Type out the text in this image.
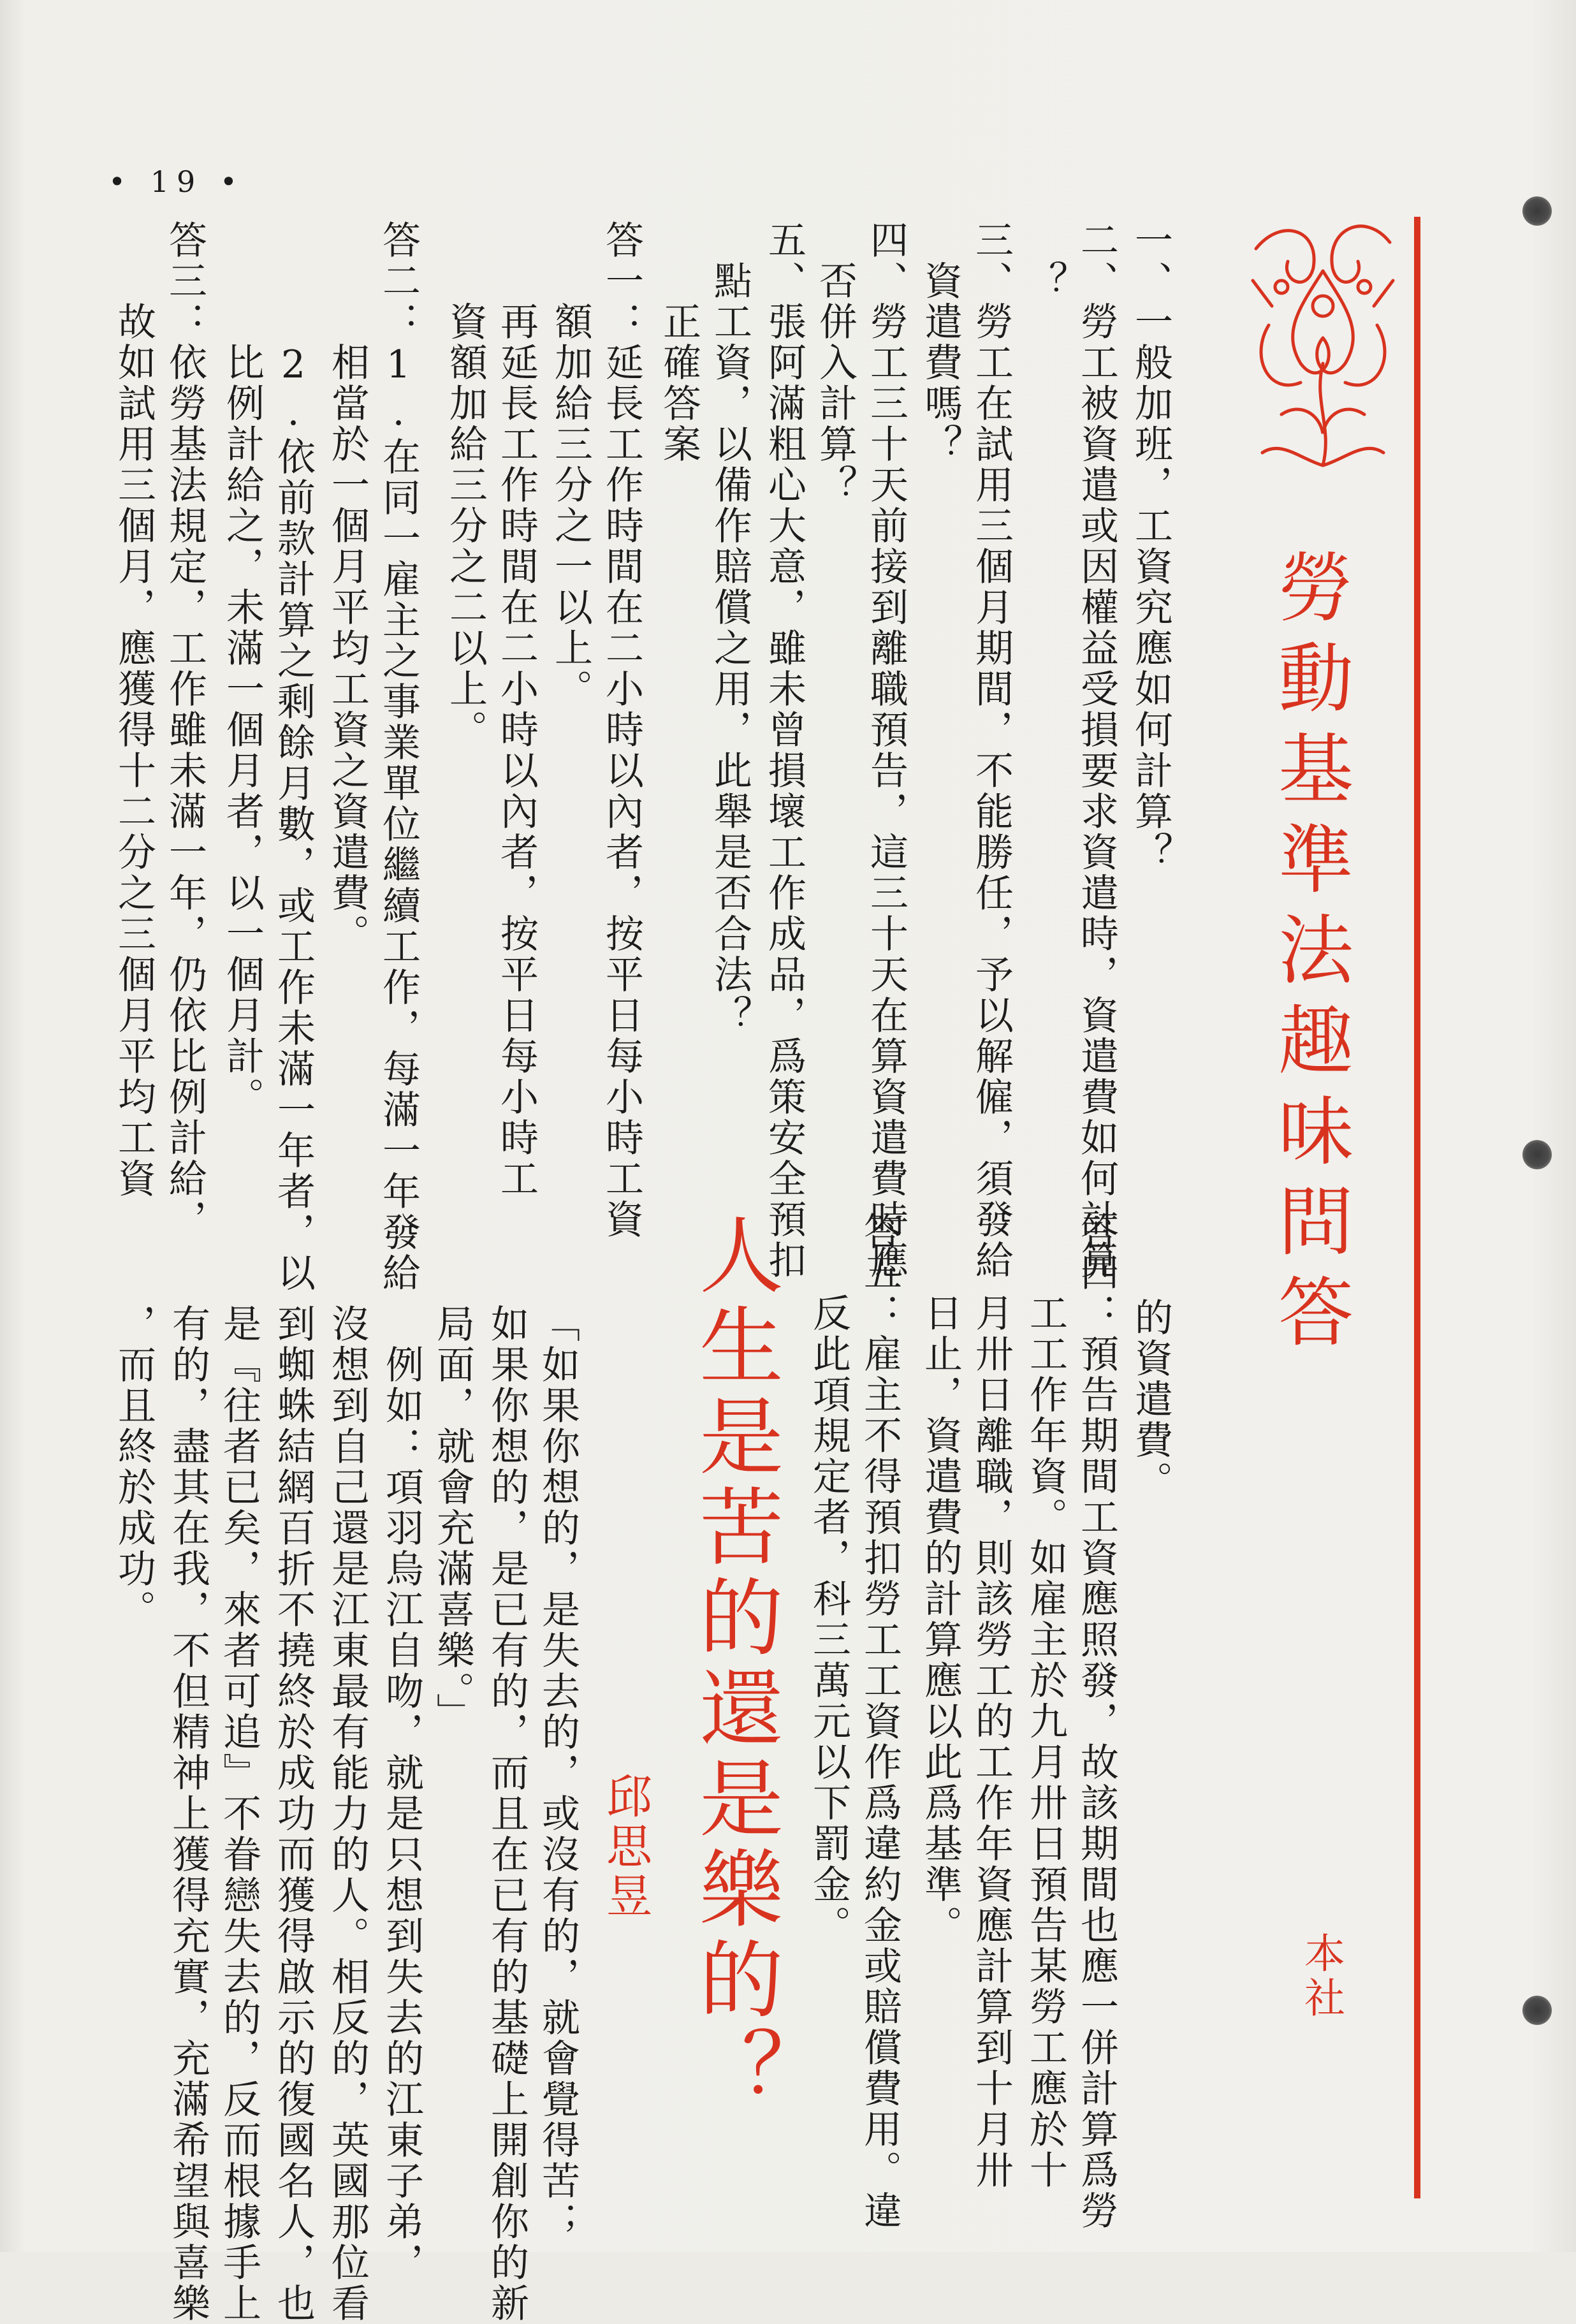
• 19 •
勞動基準法趣味問答
本社
一、一般加班，工資究應如何計算？
二、勞工被資遣或因權益受損要求資遣時，資遣費如何計算
　？
三、勞工在試用三個月期間，不能勝任，予以解僱，須發給
　資遣費嗎？
四、勞工三十天前接到離職預告，這三十天在算資遣費時應
　否併入計算？
五、張阿滿粗心大意，雖未曾損壞工作成品，爲策安全預扣
　點工資，以備作賠償之用，此舉是否合法？
　　正確答案
答一：延長工作時間在二小時以內者，按平日每小時工資
　　額加給三分之一以上。
　　再延長工作時間在二小時以內者，按平日每小時工
　　資額加給三分之二以上。
答二：1.在同一雇主之事業單位繼續工作，每滿一年發給
　　　相當於一個月平均工資之資遣費。
　　　2.依前款計算之剩餘月數，或工作未滿一年者，以
　　　比例計給之，未滿一個月者，以一個月計。
答三：依勞基法規定，工作雖未滿一年，仍依比例計給，
　　故如試用三個月，應獲得十二分之三個月平均工資
的資遣費。
答四：預告期間工資應照發，故該期間也應一併計算爲勞
　　工工作年資。如雇主於九月卅日預告某勞工應於十
　　月卅日離職，則該勞工的工作年資應計算到十月卅
　　日止，資遣費的計算應以此爲基準。
答五：雇主不得預扣勞工工資作爲違約金或賠償費用。違
　　反此項規定者，科三萬元以下罰金。
人生是苦的還是樂的？
邱思昱
「如果你想的，是失去的，或沒有的，就會覺得苦；
如果你想的，是已有的，而且在已有的基礎上開創你的新
局面，就會充滿喜樂。」
　例如：項羽烏江自吻，就是只想到失去的江東子弟，
沒想到自己還是江東最有能力的人。相反的，英國那位看
到蜘蛛結網百折不撓終於成功而獲得啟示的復國名人，也
是『往者已矣，來者可追』不眷戀失去的，反而根據手上
有的，盡其在我，不但精神上獲得充實，充滿希望與喜樂
，而且終於成功。
